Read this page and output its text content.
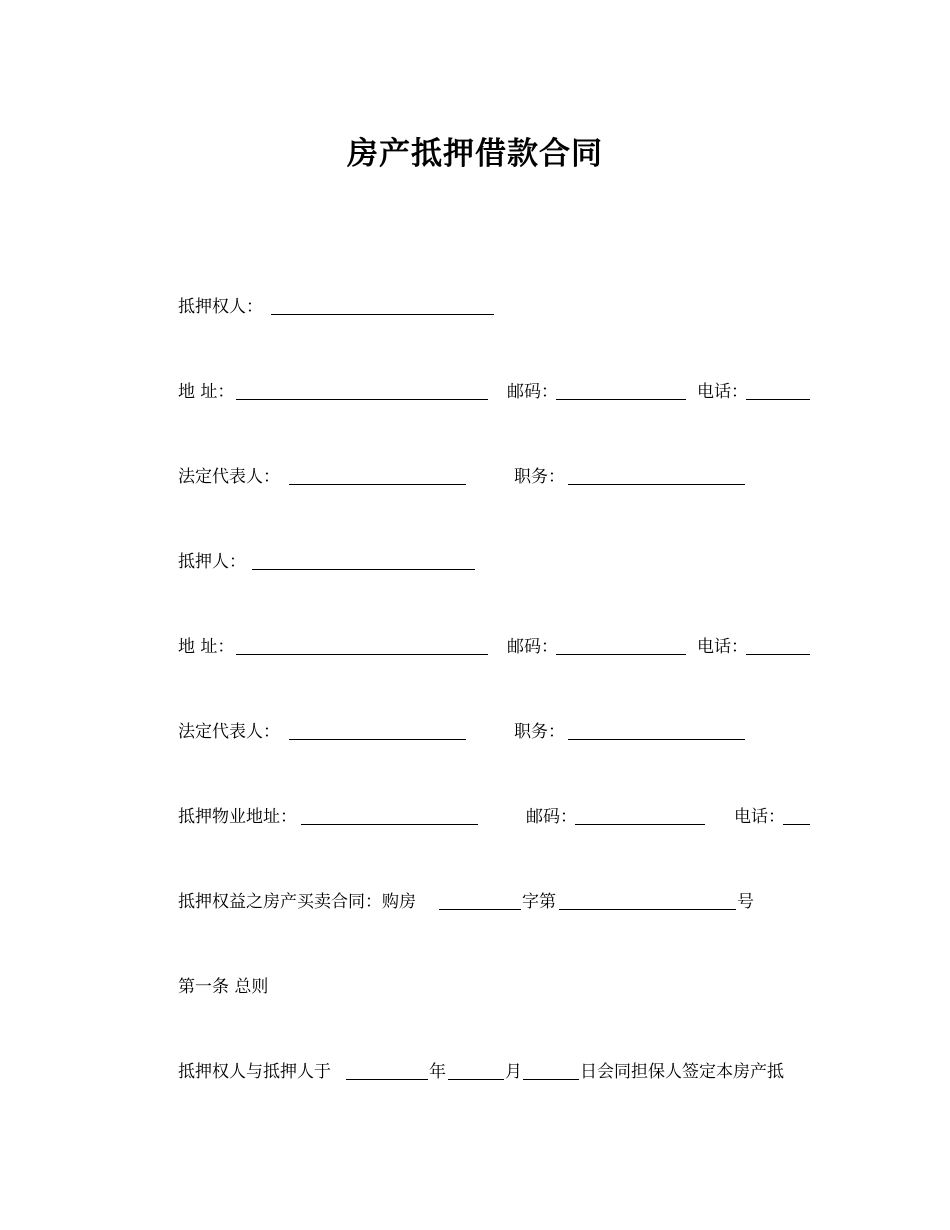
房产抵押借款合同
抵押权人：
地 址：	邮码：	电话：
法定代表人：	职务：
抵押人：
地 址：	邮码：	电话：
法定代表人：	职务：
抵押物业地址：	邮码：	电话：
抵押权益之房产买卖合同：购房	字第	号
第一条 总则
抵押权人与抵押人于	年	月	日会同担保人签定本房产抵
